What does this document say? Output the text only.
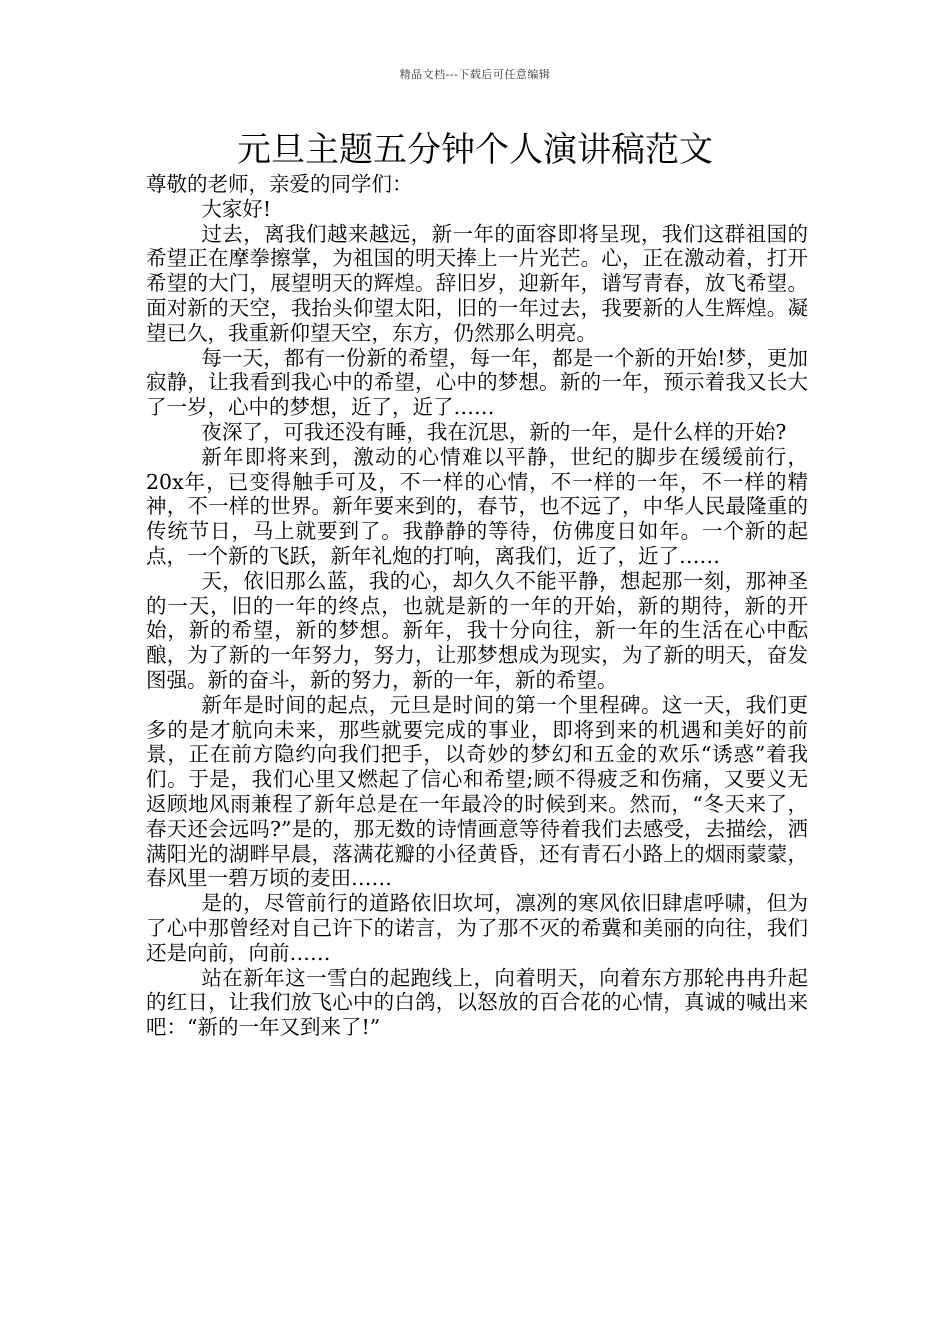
精品文档---下载后可任意编辑
元旦主题五分钟个人演讲稿范文

尊敬的老师，亲爱的同学们：

大家好!

过去，离我们越来越远，新一年的面容即将呈现，我们这群祖国的希望正在摩拳擦掌，为祖国的明天捧上一片光芒。心，正在激动着，打开希望的大门，展望明天的辉煌。辞旧岁，迎新年，谱写青春，放飞希望。面对新的天空，我抬头仰望太阳，旧的一年过去，我要新的人生辉煌。凝望已久，我重新仰望天空，东方，仍然那么明亮。

每一天，都有一份新的希望，每一年，都是一个新的开始!梦，更加寂静，让我看到我心中的希望，心中的梦想。新的一年，预示着我又长大了一岁，心中的梦想，近了，近了……

夜深了，可我还没有睡，我在沉思，新的一年，是什么样的开始?

新年即将来到，激动的心情难以平静，世纪的脚步在缓缓前行，20x年，已变得触手可及，不一样的心情，不一样的一年，不一样的精神，不一样的世界。新年要来到的，春节，也不远了，中华人民最隆重的传统节日，马上就要到了。我静静的等待，仿佛度日如年。一个新的起点，一个新的飞跃，新年礼炮的打响，离我们，近了，近了……

天，依旧那么蓝，我的心，却久久不能平静，想起那一刻，那神圣的一天，旧的一年的终点，也就是新的一年的开始，新的期待，新的开始，新的希望，新的梦想。新年，我十分向往，新一年的生活在心中酝酿，为了新的一年努力，努力，让那梦想成为现实，为了新的明天，奋发图强。新的奋斗，新的努力，新的一年，新的希望。

新年是时间的起点，元旦是时间的第一个里程碑。这一天，我们更多的是才航向未来，那些就要完成的事业，即将到来的机遇和美好的前景，正在前方隐约向我们把手，以奇妙的梦幻和五金的欢乐“诱惑”着我们。于是，我们心里又燃起了信心和希望;顾不得疲乏和伤痛，又要义无返顾地风雨兼程了新年总是在一年最冷的时候到来。然而，“冬天来了，春天还会远吗?”是的，那无数的诗情画意等待着我们去感受，去描绘，洒满阳光的湖畔早晨，落满花瓣的小径黄昏，还有青石小路上的烟雨蒙蒙，春风里一碧万顷的麦田……

是的，尽管前行的道路依旧坎坷，凛冽的寒风依旧肆虐呼啸，但为了心中那曾经对自己许下的诺言，为了那不灭的希冀和美丽的向往，我们还是向前，向前……

站在新年这一雪白的起跑线上，向着明天，向着东方那轮冉冉升起的红日，让我们放飞心中的白鸽，以怒放的百合花的心情，真诚的喊出来吧：“新的一年又到来了!”
